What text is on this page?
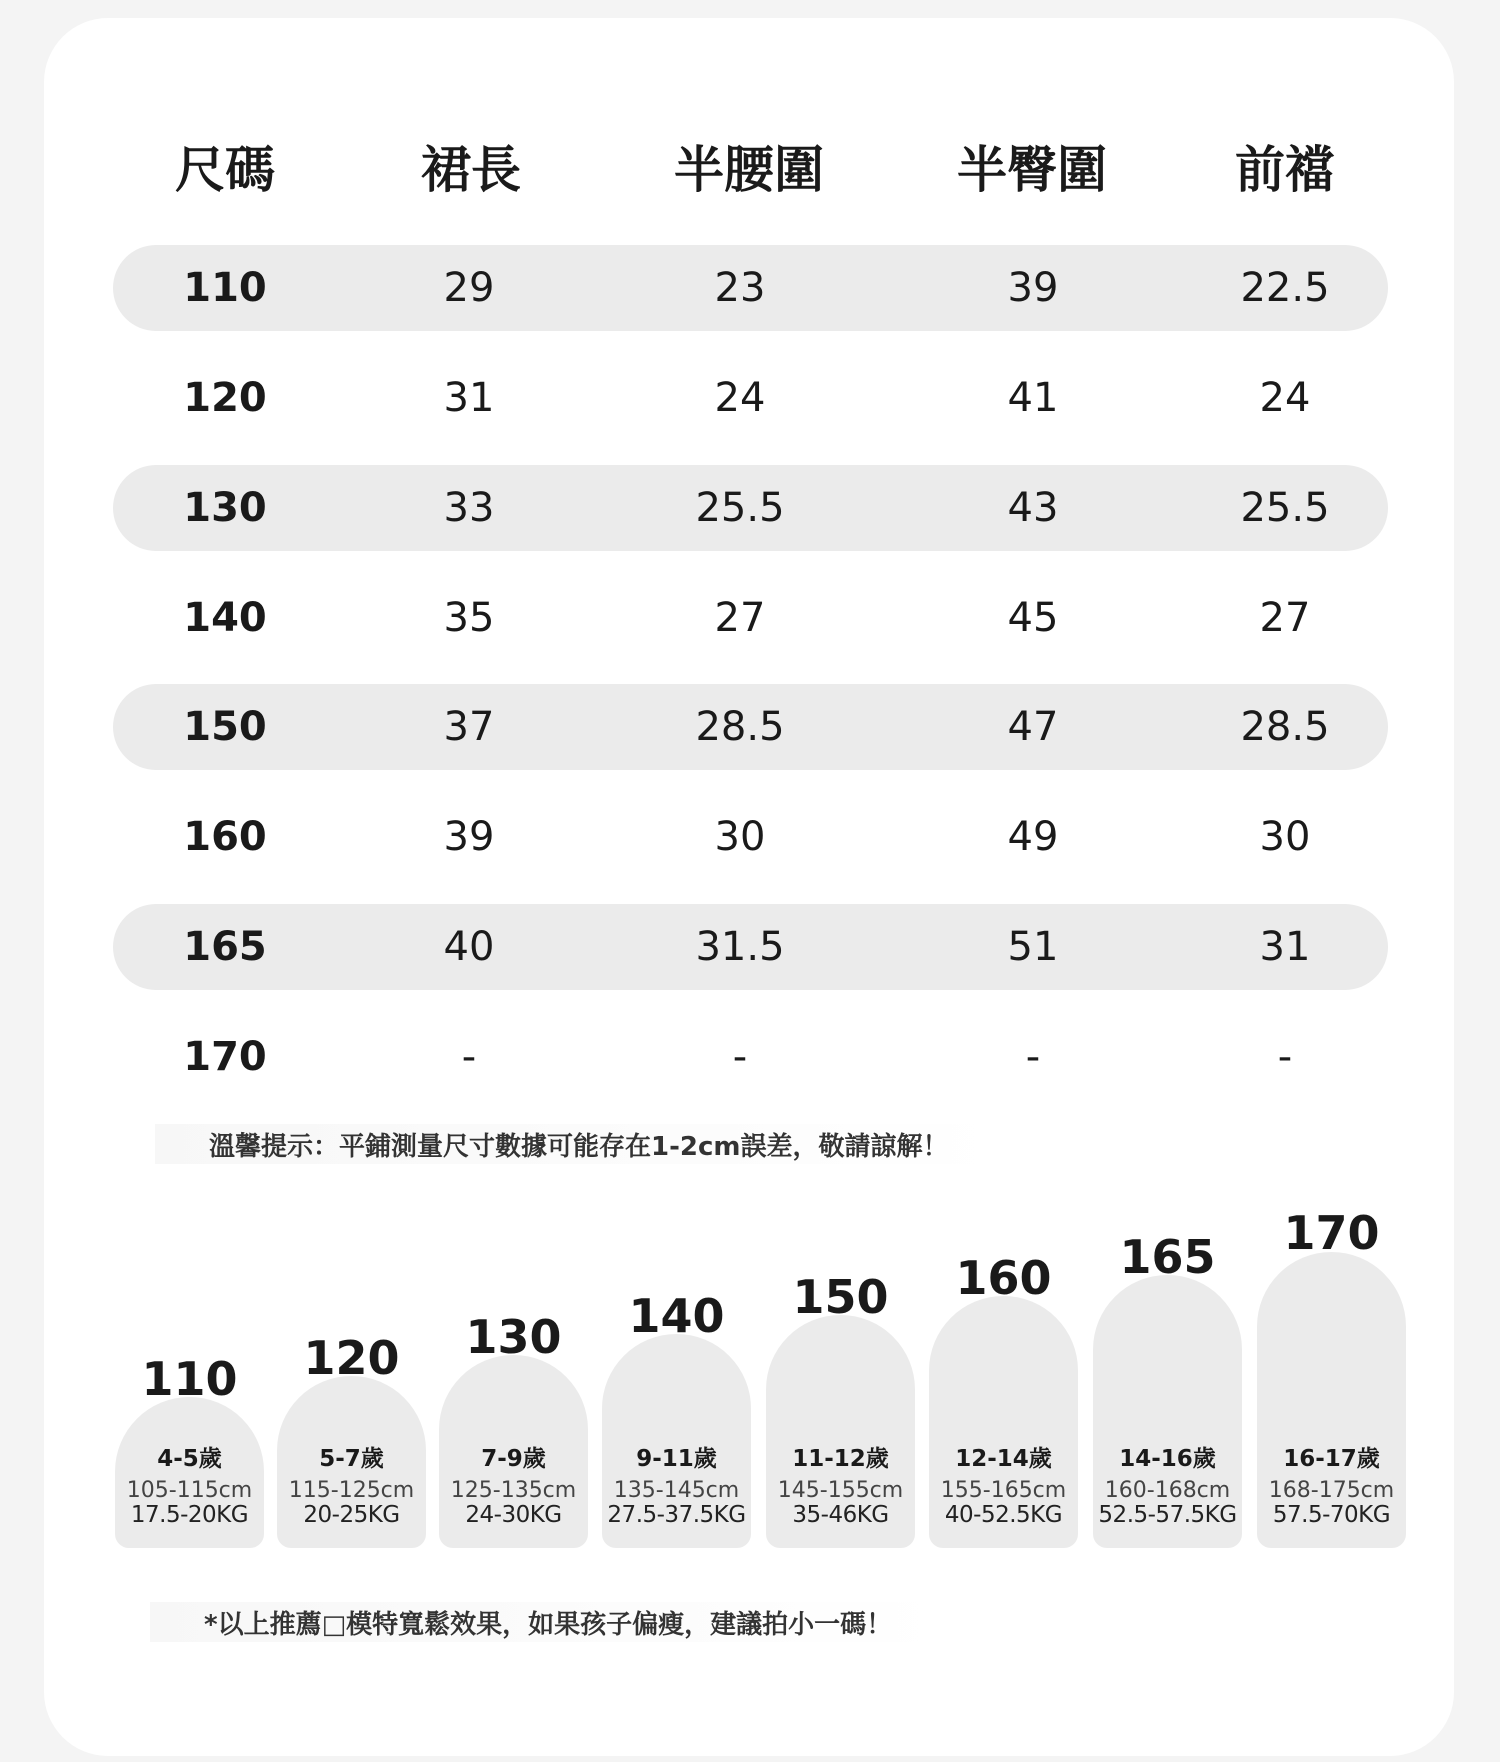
尺碼	裙長	半腰圍	半臀圍	前襠
110	29	23	39	22.5
120	31	24	41	24
130	33	25.5	43	25.5
140	35	27	45	27
150	37	28.5	47	28.5
160	39	30	49	30
165	40	31.5	51	31
170	-	-	-	-
溫馨提示：平鋪測量尺寸數據可能存在1-2cm誤差，敬請諒解！
110
4-5歲
105-115cm
17.5-20KG
120
5-7歲
115-125cm
20-25KG
130
7-9歲
125-135cm
24-30KG
140
9-11歲
135-145cm
27.5-37.5KG
150
11-12歲
145-155cm
35-46KG
160
12-14歲
155-165cm
40-52.5KG
165
14-16歲
160-168cm
52.5-57.5KG
170
16-17歲
168-175cm
57.5-70KG
*以上推薦□模特寬鬆效果，如果孩子偏瘦，建議拍小一碼！
